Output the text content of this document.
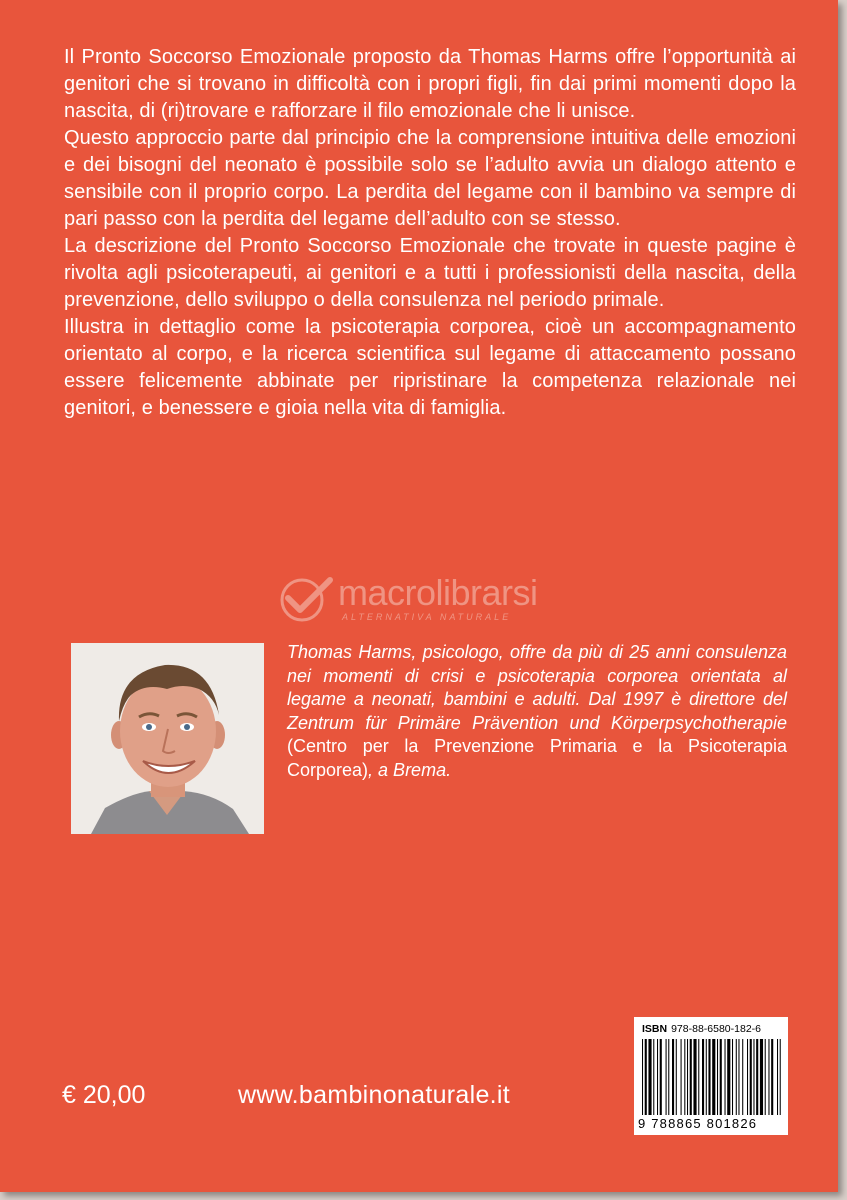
Il Pronto Soccorso Emozionale proposto da Thomas Harms offre l’opportunità ai genitori che si trovano in difficoltà con i propri figli, fin dai primi momenti dopo la nascita, di (ri)trovare e rafforzare il filo emozionale che li unisce.

Questo approccio parte dal principio che la comprensione intuitiva delle emozioni e dei bisogni del neonato è possibile solo se l’adulto avvia un dialogo attento e sensibile con il proprio corpo. La perdita del legame con il bambino va sempre di pari passo con la perdita del legame dell’adulto con se stesso.

La descrizione del Pronto Soccorso Emozionale che trovate in queste pagine è rivolta agli psicoterapeuti, ai genitori e a tutti i professionisti della nascita, della prevenzione, dello sviluppo o della consulenza nel periodo primale.

Illustra in dettaglio come la psicoterapia corporea, cioè un accompagnamento orientato al corpo, e la ricerca scientifica sul legame di attaccamento possano essere felicemente abbinate per ripristinare la competenza relazionale nei genitori, e benessere e gioia nella vita di famiglia.

macrolibrarsi
ALTERNATIVA NATURALE

Thomas Harms, psicologo, offre da più di 25 anni consulenza nei momenti di crisi e psicoterapia corporea orientata al legame a neonati, bambini e adulti. Dal 1997 è direttore del Zentrum für Primäre Prävention und Körperpsychotherapie (Centro per la Prevenzione Primaria e la Psicoterapia Corporea), a Brema.

ISBN 978-88-6580-182-6
9 788865 801826
€ 20,00	www.bambinonaturale.it
